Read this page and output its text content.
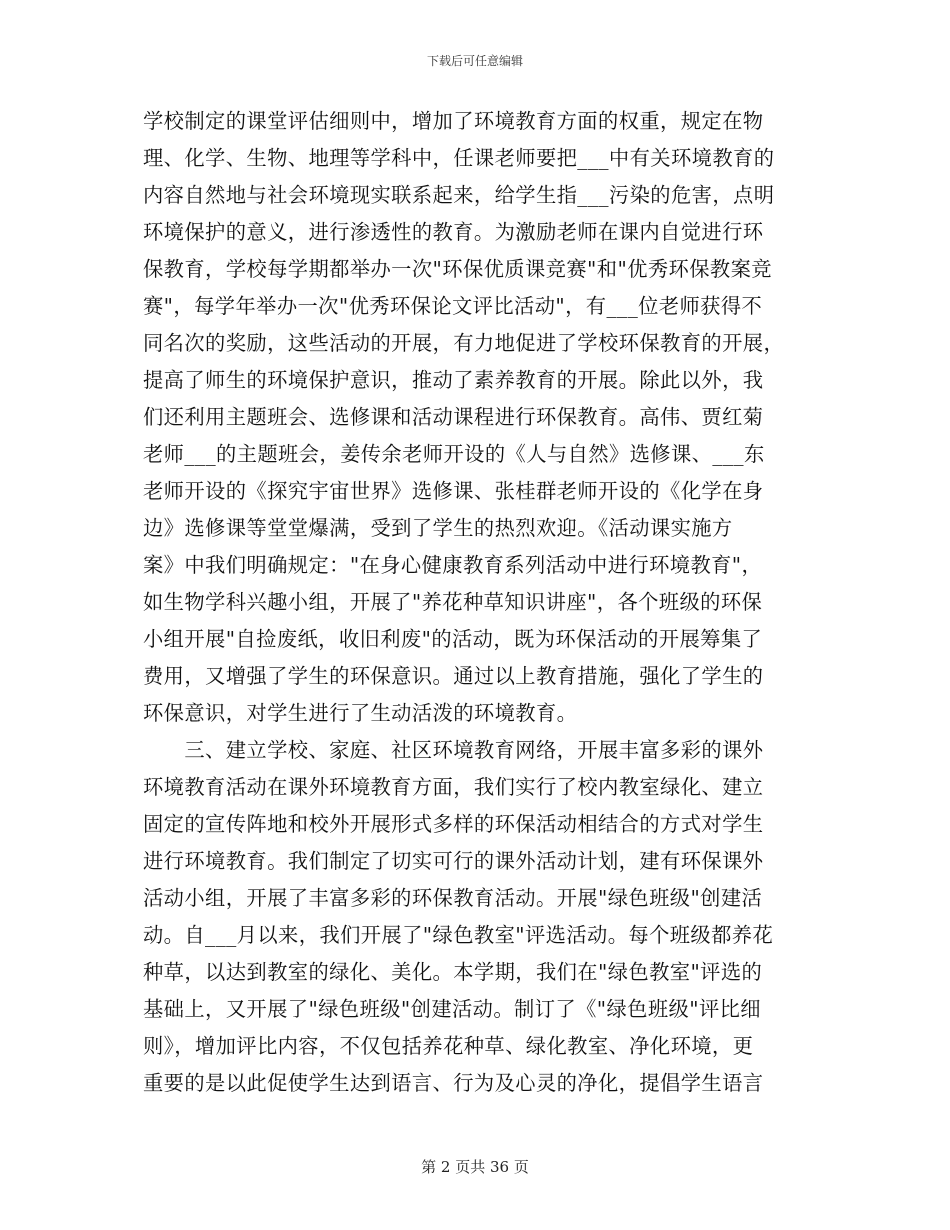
下载后可任意编辑
学校制定的课堂评估细则中，增加了环境教育方面的权重，规定在物
理、化学、生物、地理等学科中，任课老师要把___中有关环境教育的
内容自然地与社会环境现实联系起来，给学生指___污染的危害，点明
环境保护的意义，进行渗透性的教育。为激励老师在课内自觉进行环
保教育，学校每学期都举办一次"环保优质课竞赛"和"优秀环保教案竞
赛"，每学年举办一次"优秀环保论文评比活动"，有___位老师获得不
同名次的奖励，这些活动的开展，有力地促进了学校环保教育的开展，
提高了师生的环境保护意识，推动了素养教育的开展。除此以外，我
们还利用主题班会、选修课和活动课程进行环保教育。高伟、贾红菊
老师___的主题班会，姜传余老师开设的《人与自然》选修课、___东
老师开设的《探究宇宙世界》选修课、张桂群老师开设的《化学在身
边》选修课等堂堂爆满，受到了学生的热烈欢迎。《活动课实施方
案》中我们明确规定："在身心健康教育系列活动中进行环境教育"，
如生物学科兴趣小组，开展了"养花种草知识讲座"，各个班级的环保
小组开展"自捡废纸，收旧利废"的活动，既为环保活动的开展筹集了
费用，又增强了学生的环保意识。通过以上教育措施，强化了学生的
环保意识，对学生进行了生动活泼的环境教育。
　　三、建立学校、家庭、社区环境教育网络，开展丰富多彩的课外
环境教育活动在课外环境教育方面，我们实行了校内教室绿化、建立
固定的宣传阵地和校外开展形式多样的环保活动相结合的方式对学生
进行环境教育。我们制定了切实可行的课外活动计划，建有环保课外
活动小组，开展了丰富多彩的环保教育活动。开展"绿色班级"创建活
动。自___月以来，我们开展了"绿色教室"评选活动。每个班级都养花
种草，以达到教室的绿化、美化。本学期，我们在"绿色教室"评选的
基础上，又开展了"绿色班级"创建活动。制订了《"绿色班级"评比细
则》，增加评比内容，不仅包括养花种草、绿化教室、净化环境，更
重要的是以此促使学生达到语言、行为及心灵的净化，提倡学生语言
第 2 页共 36 页
